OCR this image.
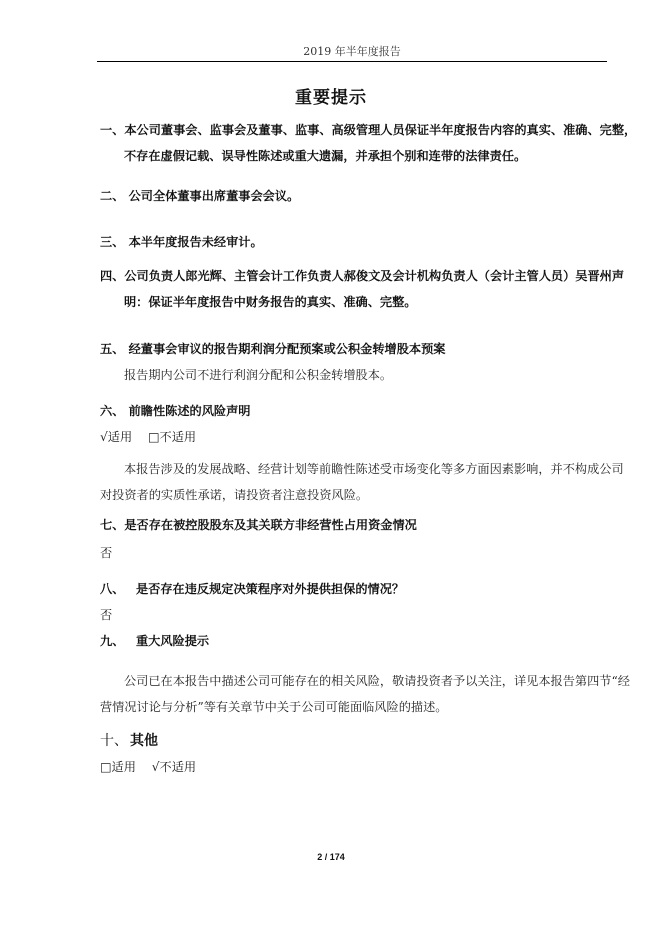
2019 年半年度报告
重要提示
一、本公司董事会、监事会及董事、监事、高级管理人员保证半年度报告内容的真实、准确、完整，
不存在虚假记载、误导性陈述或重大遗漏，并承担个别和连带的法律责任。
二、 公司全体董事出席董事会会议。
三、 本半年度报告未经审计。
四、公司负责人郎光辉、主管会计工作负责人郝俊文及会计机构负责人（会计主管人员）吴晋州声
明：保证半年度报告中财务报告的真实、准确、完整。
五、 经董事会审议的报告期利润分配预案或公积金转增股本预案
报告期内公司不进行利润分配和公积金转增股本。
六、 前瞻性陈述的风险声明
√适用 □不适用
本报告涉及的发展战略、经营计划等前瞻性陈述受市场变化等多方面因素影响，并不构成公司
对投资者的实质性承诺，请投资者注意投资风险。
七、是否存在被控股股东及其关联方非经营性占用资金情况
否
八、 是否存在违反规定决策程序对外提供担保的情况？
否
九、 重大风险提示
公司已在本报告中描述公司可能存在的相关风险，敬请投资者予以关注，详见本报告第四节“经
营情况讨论与分析”等有关章节中关于公司可能面临风险的描述。
十、 其他
□适用 √不适用
2 / 174
